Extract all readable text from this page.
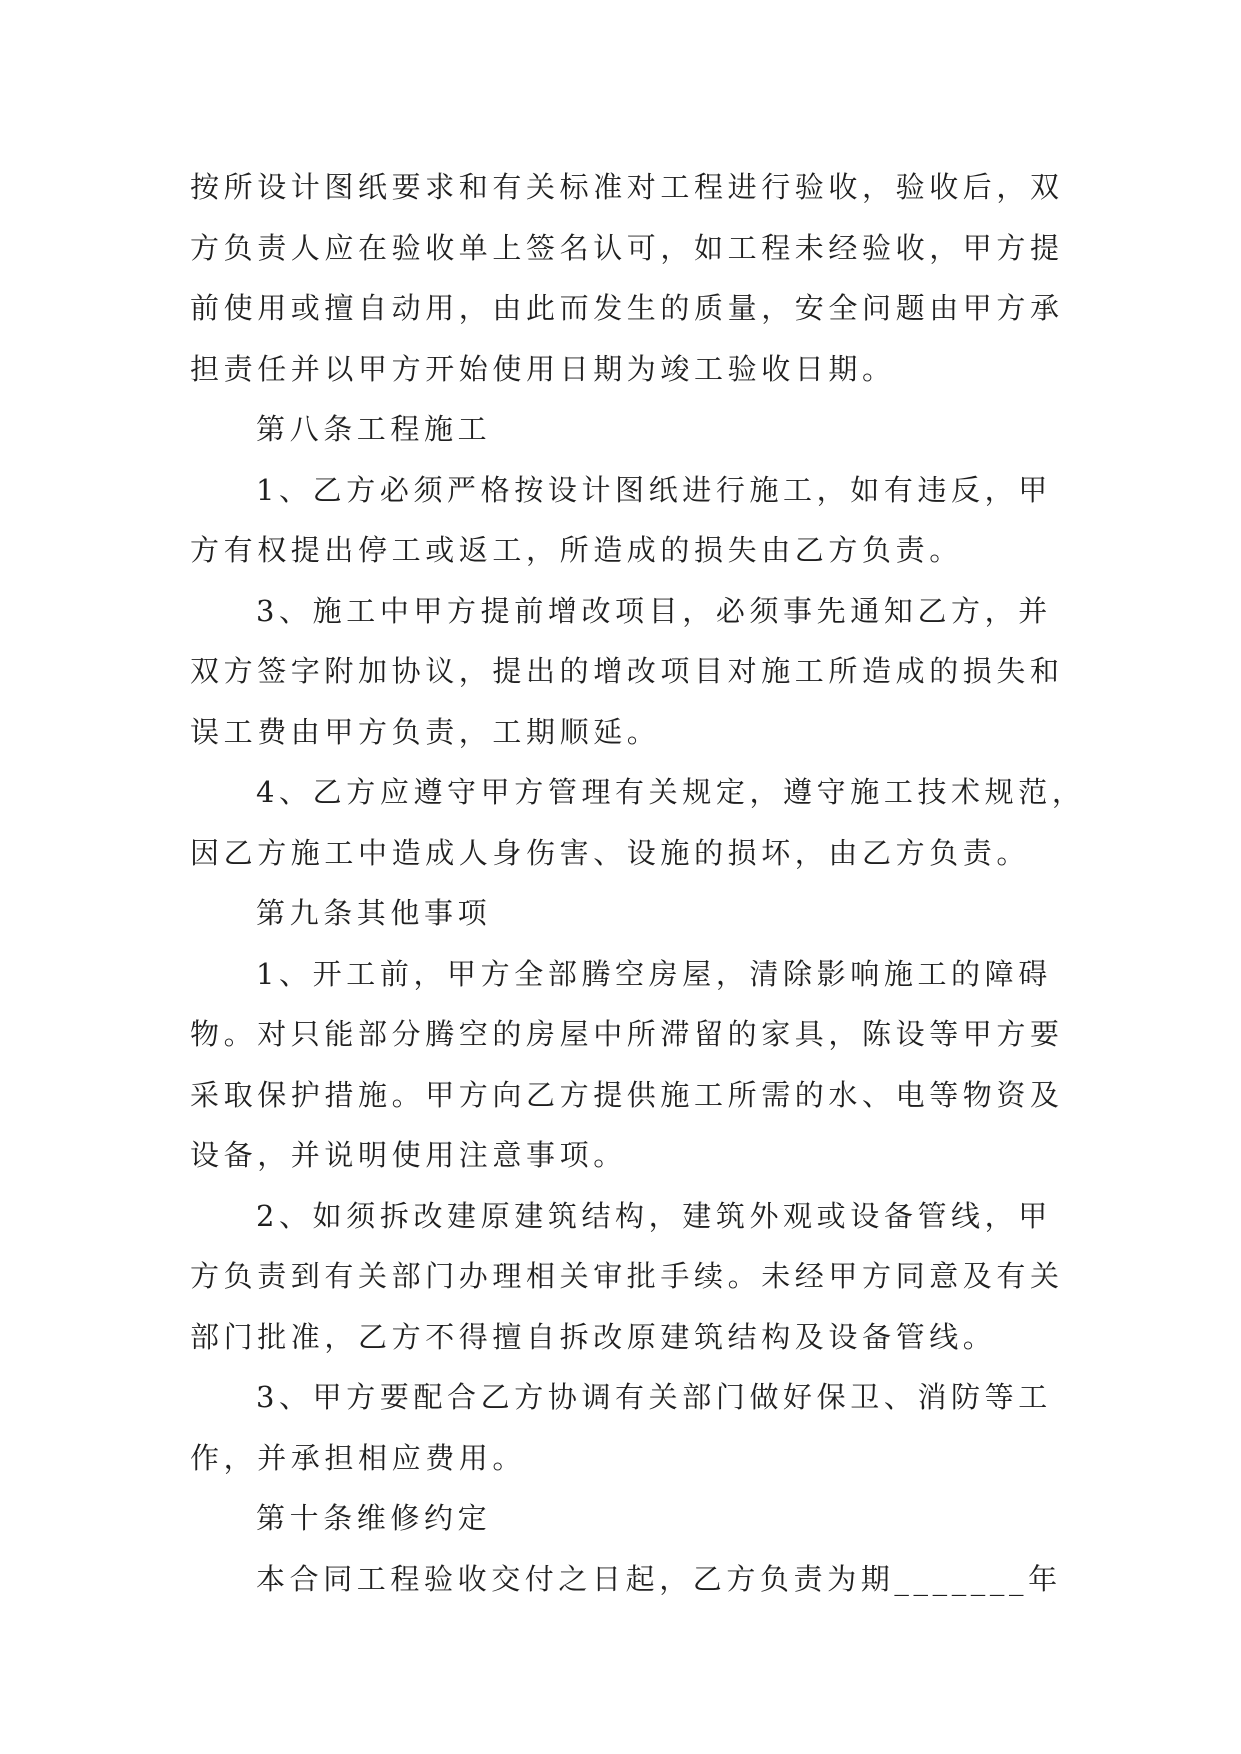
按所设计图纸要求和有关标准对工程进行验收，验收后，双
方负责人应在验收单上签名认可，如工程未经验收，甲方提
前使用或擅自动用，由此而发生的质量，安全问题由甲方承
担责任并以甲方开始使用日期为竣工验收日期。
第八条工程施工
1、乙方必须严格按设计图纸进行施工，如有违反，甲
方有权提出停工或返工，所造成的损失由乙方负责。
3、施工中甲方提前增改项目，必须事先通知乙方，并
双方签字附加协议，提出的增改项目对施工所造成的损失和
误工费由甲方负责，工期顺延。
4、乙方应遵守甲方管理有关规定，遵守施工技术规范，
因乙方施工中造成人身伤害、设施的损坏，由乙方负责。
第九条其他事项
1、开工前，甲方全部腾空房屋，清除影响施工的障碍
物。对只能部分腾空的房屋中所滞留的家具，陈设等甲方要
采取保护措施。甲方向乙方提供施工所需的水、电等物资及
设备，并说明使用注意事项。
2、如须拆改建原建筑结构，建筑外观或设备管线，甲
方负责到有关部门办理相关审批手续。未经甲方同意及有关
部门批准，乙方不得擅自拆改原建筑结构及设备管线。
3、甲方要配合乙方协调有关部门做好保卫、消防等工
作，并承担相应费用。
第十条维修约定
本合同工程验收交付之日起，乙方负责为期_______年
